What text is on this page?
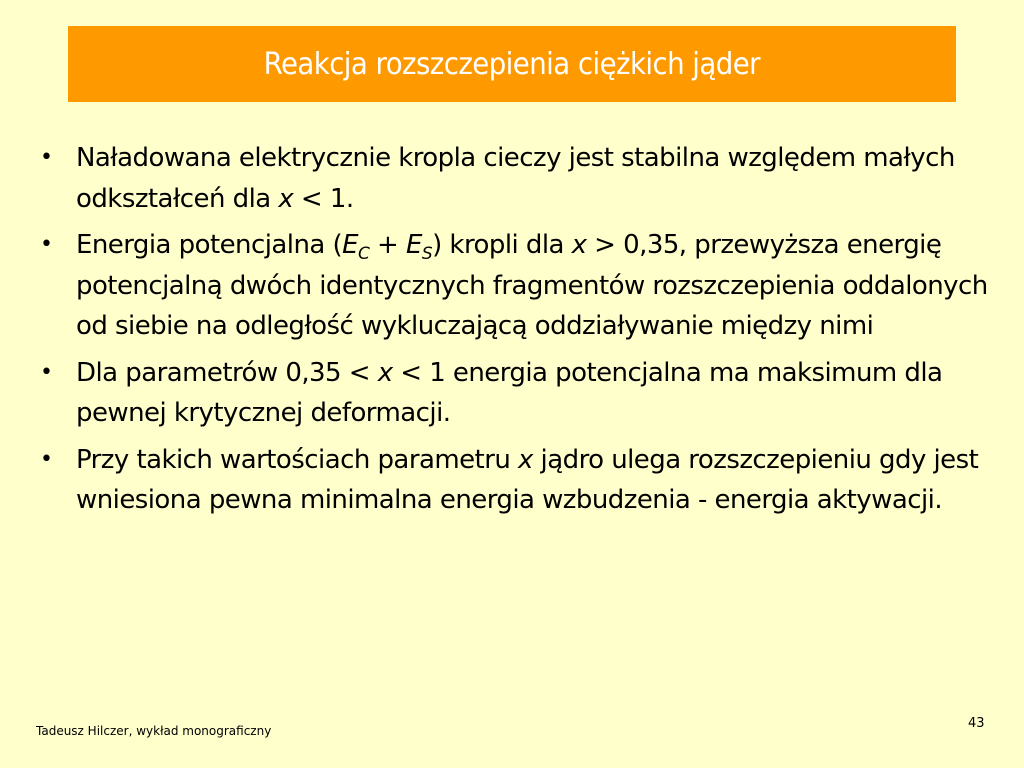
Reakcja rozszczepienia ciężkich jąder
• Naładowana elektrycznie kropla cieczy jest stabilna względem małych odkształceń dla x < 1.
• Energia potencjalna $(E_C + E_S)$ kropli dla x > 0,35, przewyższa energię potencjalną dwóch identycznych fragmentów rozszczepienia oddalonych od siebie na odległość wykluczającą oddziaływanie między nimi
• Dla parametrów 0,35 < x < 1 energia potencjalna ma maksimum dla pewnej krytycznej deformacji.
• Przy takich wartościach parametru x jądro ulega rozszczepieniu gdy jest wniesiona pewna minimalna energia wzbudzenia - energia aktywacji.
Tadeusz Hilczer, wykład monograficzny	43
